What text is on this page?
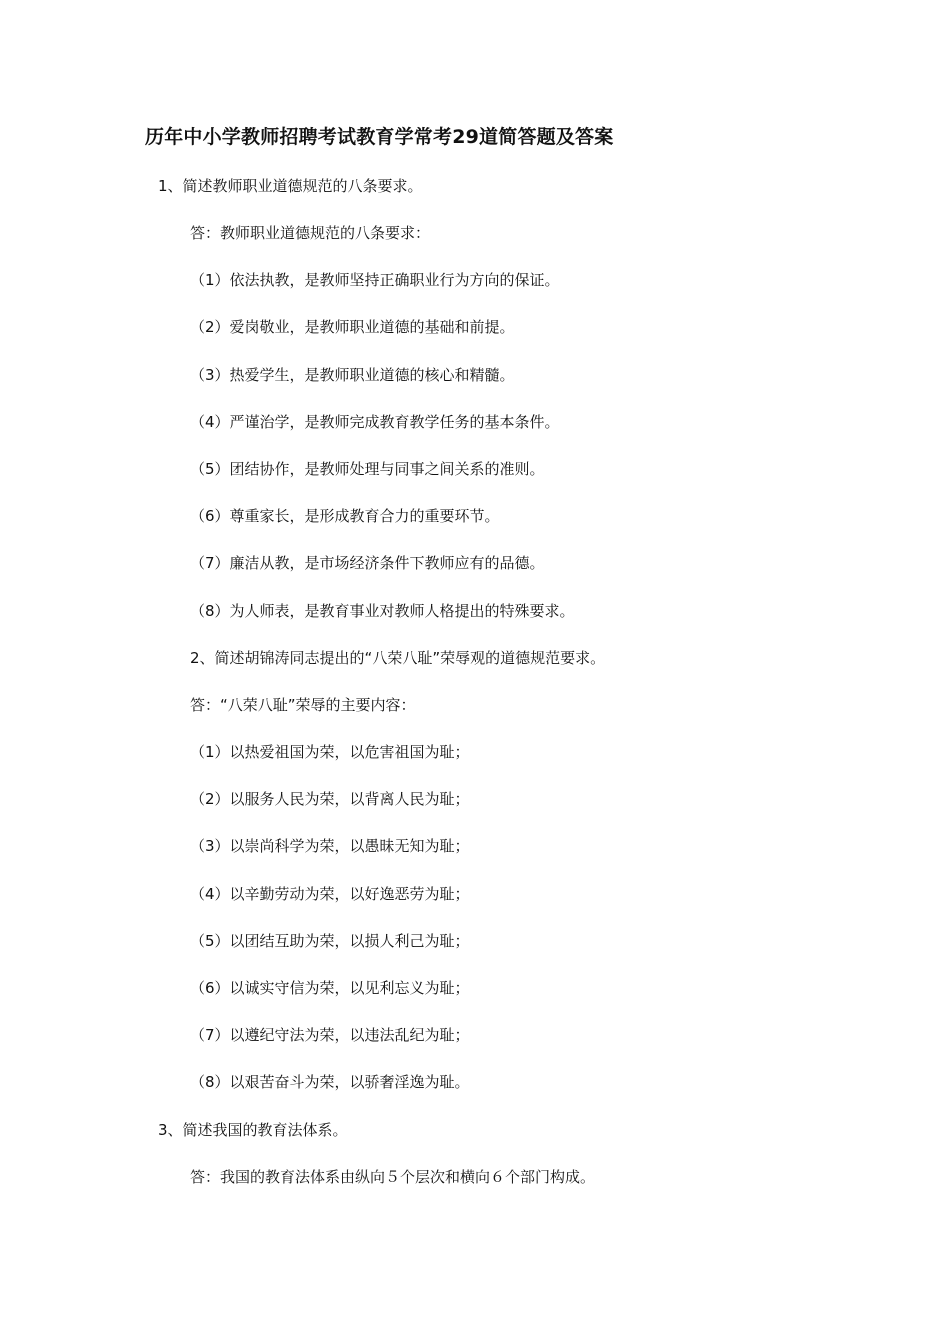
历年中小学教师招聘考试教育学常考29道简答题及答案
1、简述教师职业道德规范的八条要求。
答：教师职业道德规范的八条要求：
（1）依法执教，是教师坚持正确职业行为方向的保证。
（2）爱岗敬业，是教师职业道德的基础和前提。
（3）热爱学生，是教师职业道德的核心和精髓。
（4）严谨治学，是教师完成教育教学任务的基本条件。
（5）团结协作，是教师处理与同事之间关系的准则。
（6）尊重家长，是形成教育合力的重要环节。
（7）廉洁从教，是市场经济条件下教师应有的品德。
（8）为人师表，是教育事业对教师人格提出的特殊要求。
2、简述胡锦涛同志提出的“八荣八耻”荣辱观的道德规范要求。
答：“八荣八耻”荣辱的主要内容：
（1）以热爱祖国为荣，以危害祖国为耻；
（2）以服务人民为荣，以背离人民为耻；
（3）以崇尚科学为荣，以愚昧无知为耻；
（4）以辛勤劳动为荣，以好逸恶劳为耻；
（5）以团结互助为荣，以损人利己为耻；
（6）以诚实守信为荣，以见利忘义为耻；
（7）以遵纪守法为荣，以违法乱纪为耻；
（8）以艰苦奋斗为荣，以骄奢淫逸为耻。
3、简述我国的教育法体系。
答：我国的教育法体系由纵向５个层次和横向６个部门构成。
